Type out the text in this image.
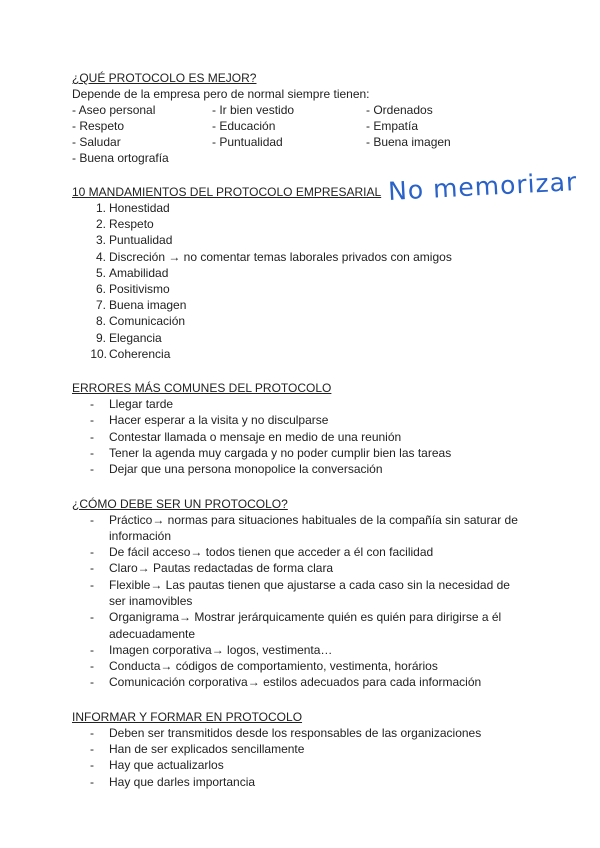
¿QUÉ PROTOCOLO ES MEJOR?
Depende de la empresa pero de normal siempre tienen:
- Aseo personal	- Ir bien vestido	- Ordenados
- Respeto	- Educación	- Empatía
- Saludar	- Puntualidad	- Buena imagen
- Buena ortografía
10 MANDAMIENTOS DEL PROTOCOLO EMPRESARIAL
1. Honestidad
2. Respeto
3. Puntualidad
4. Discreción → no comentar temas laborales privados con amigos
5. Amabilidad
6. Positivismo
7. Buena imagen
8. Comunicación
9. Elegancia
10. Coherencia
ERRORES MÁS COMUNES DEL PROTOCOLO
- Llegar tarde
- Hacer esperar a la visita y no disculparse
- Contestar llamada o mensaje en medio de una reunión
- Tener la agenda muy cargada y no poder cumplir bien las tareas
- Dejar que una persona monopolice la conversación
¿CÓMO DEBE SER UN PROTOCOLO?
- Práctico→ normas para situaciones habituales de la compañía sin saturar de
información
- De fácil acceso→ todos tienen que acceder a él con facilidad
- Claro→ Pautas redactadas de forma clara
- Flexible→ Las pautas tienen que ajustarse a cada caso sin la necesidad de
ser inamovibles
- Organigrama→ Mostrar jerárquicamente quién es quién para dirigirse a él
adecuadamente
- Imagen corporativa→ logos, vestimenta…
- Conducta→ códigos de comportamiento, vestimenta, horários
- Comunicación corporativa→ estilos adecuados para cada información
INFORMAR Y FORMAR EN PROTOCOLO
- Deben ser transmitidos desde los responsables de las organizaciones
- Han de ser explicados sencillamente
- Hay que actualizarlos
- Hay que darles importancia
No memorizar
